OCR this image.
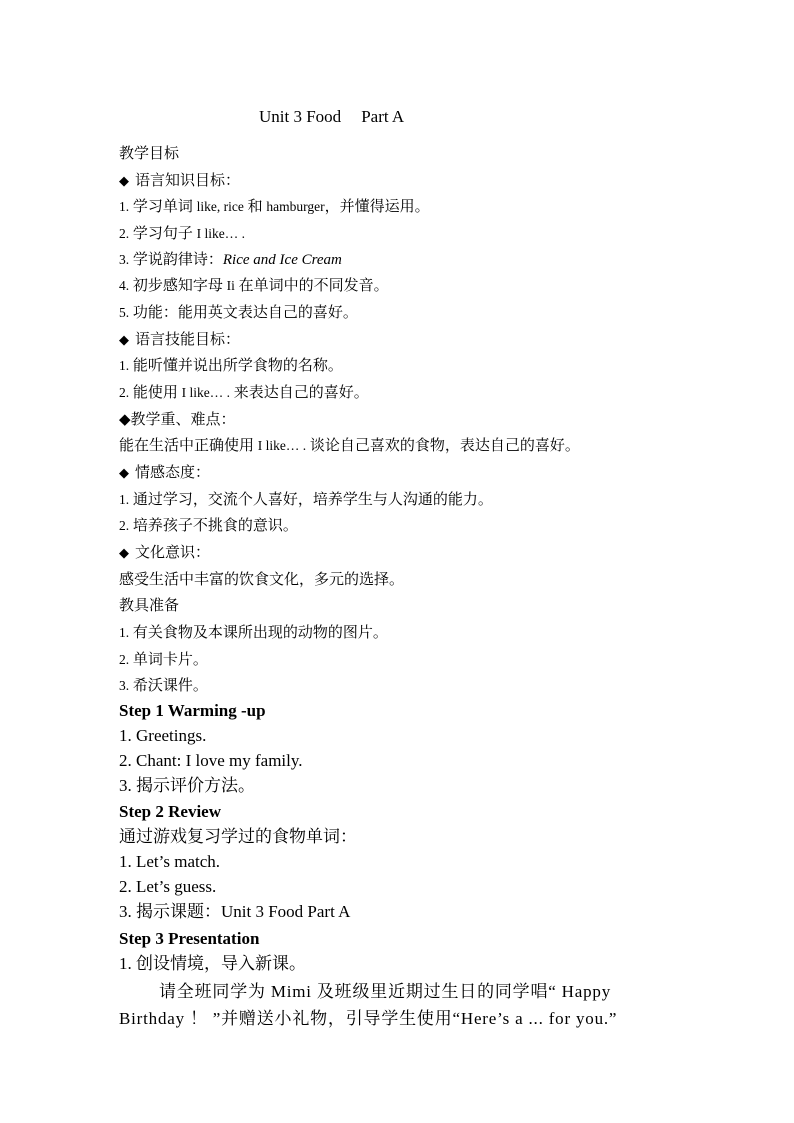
Unit 3 Food Part A
教学目标
◆ 语言知识目标：
1. 学习单词 like, rice 和 hamburger，并懂得运用。
2. 学习句子 I like… .
3. 学说韵律诗：Rice and Ice Cream
4. 初步感知字母 Ii 在单词中的不同发音。
5. 功能：能用英文表达自己的喜好。
◆ 语言技能目标：
1. 能听懂并说出所学食物的名称。
2. 能使用 I like… . 来表达自己的喜好。
◆教学重、难点：
能在生活中正确使用 I like… . 谈论自己喜欢的食物，表达自己的喜好。
◆ 情感态度：
1. 通过学习，交流个人喜好，培养学生与人沟通的能力。
2. 培养孩子不挑食的意识。
◆ 文化意识：
感受生活中丰富的饮食文化，多元的选择。
教具准备
1. 有关食物及本课所出现的动物的图片。
2. 单词卡片。
3. 希沃课件。
Step 1 Warming -up
1. Greetings.
2. Chant: I love my family.
3. 揭示评价方法。
Step 2 Review
通过游戏复习学过的食物单词：
1. Let’s match.
2. Let’s guess.
3. 揭示课题：Unit 3 Food Part A
Step 3 Presentation
1. 创设情境，导入新课。
请全班同学为 Mimi 及班级里近期过生日的同学唱“ Happy Birthday ！ ”并赠送小礼物，引导学生使用“Here’s a ... for you.”
